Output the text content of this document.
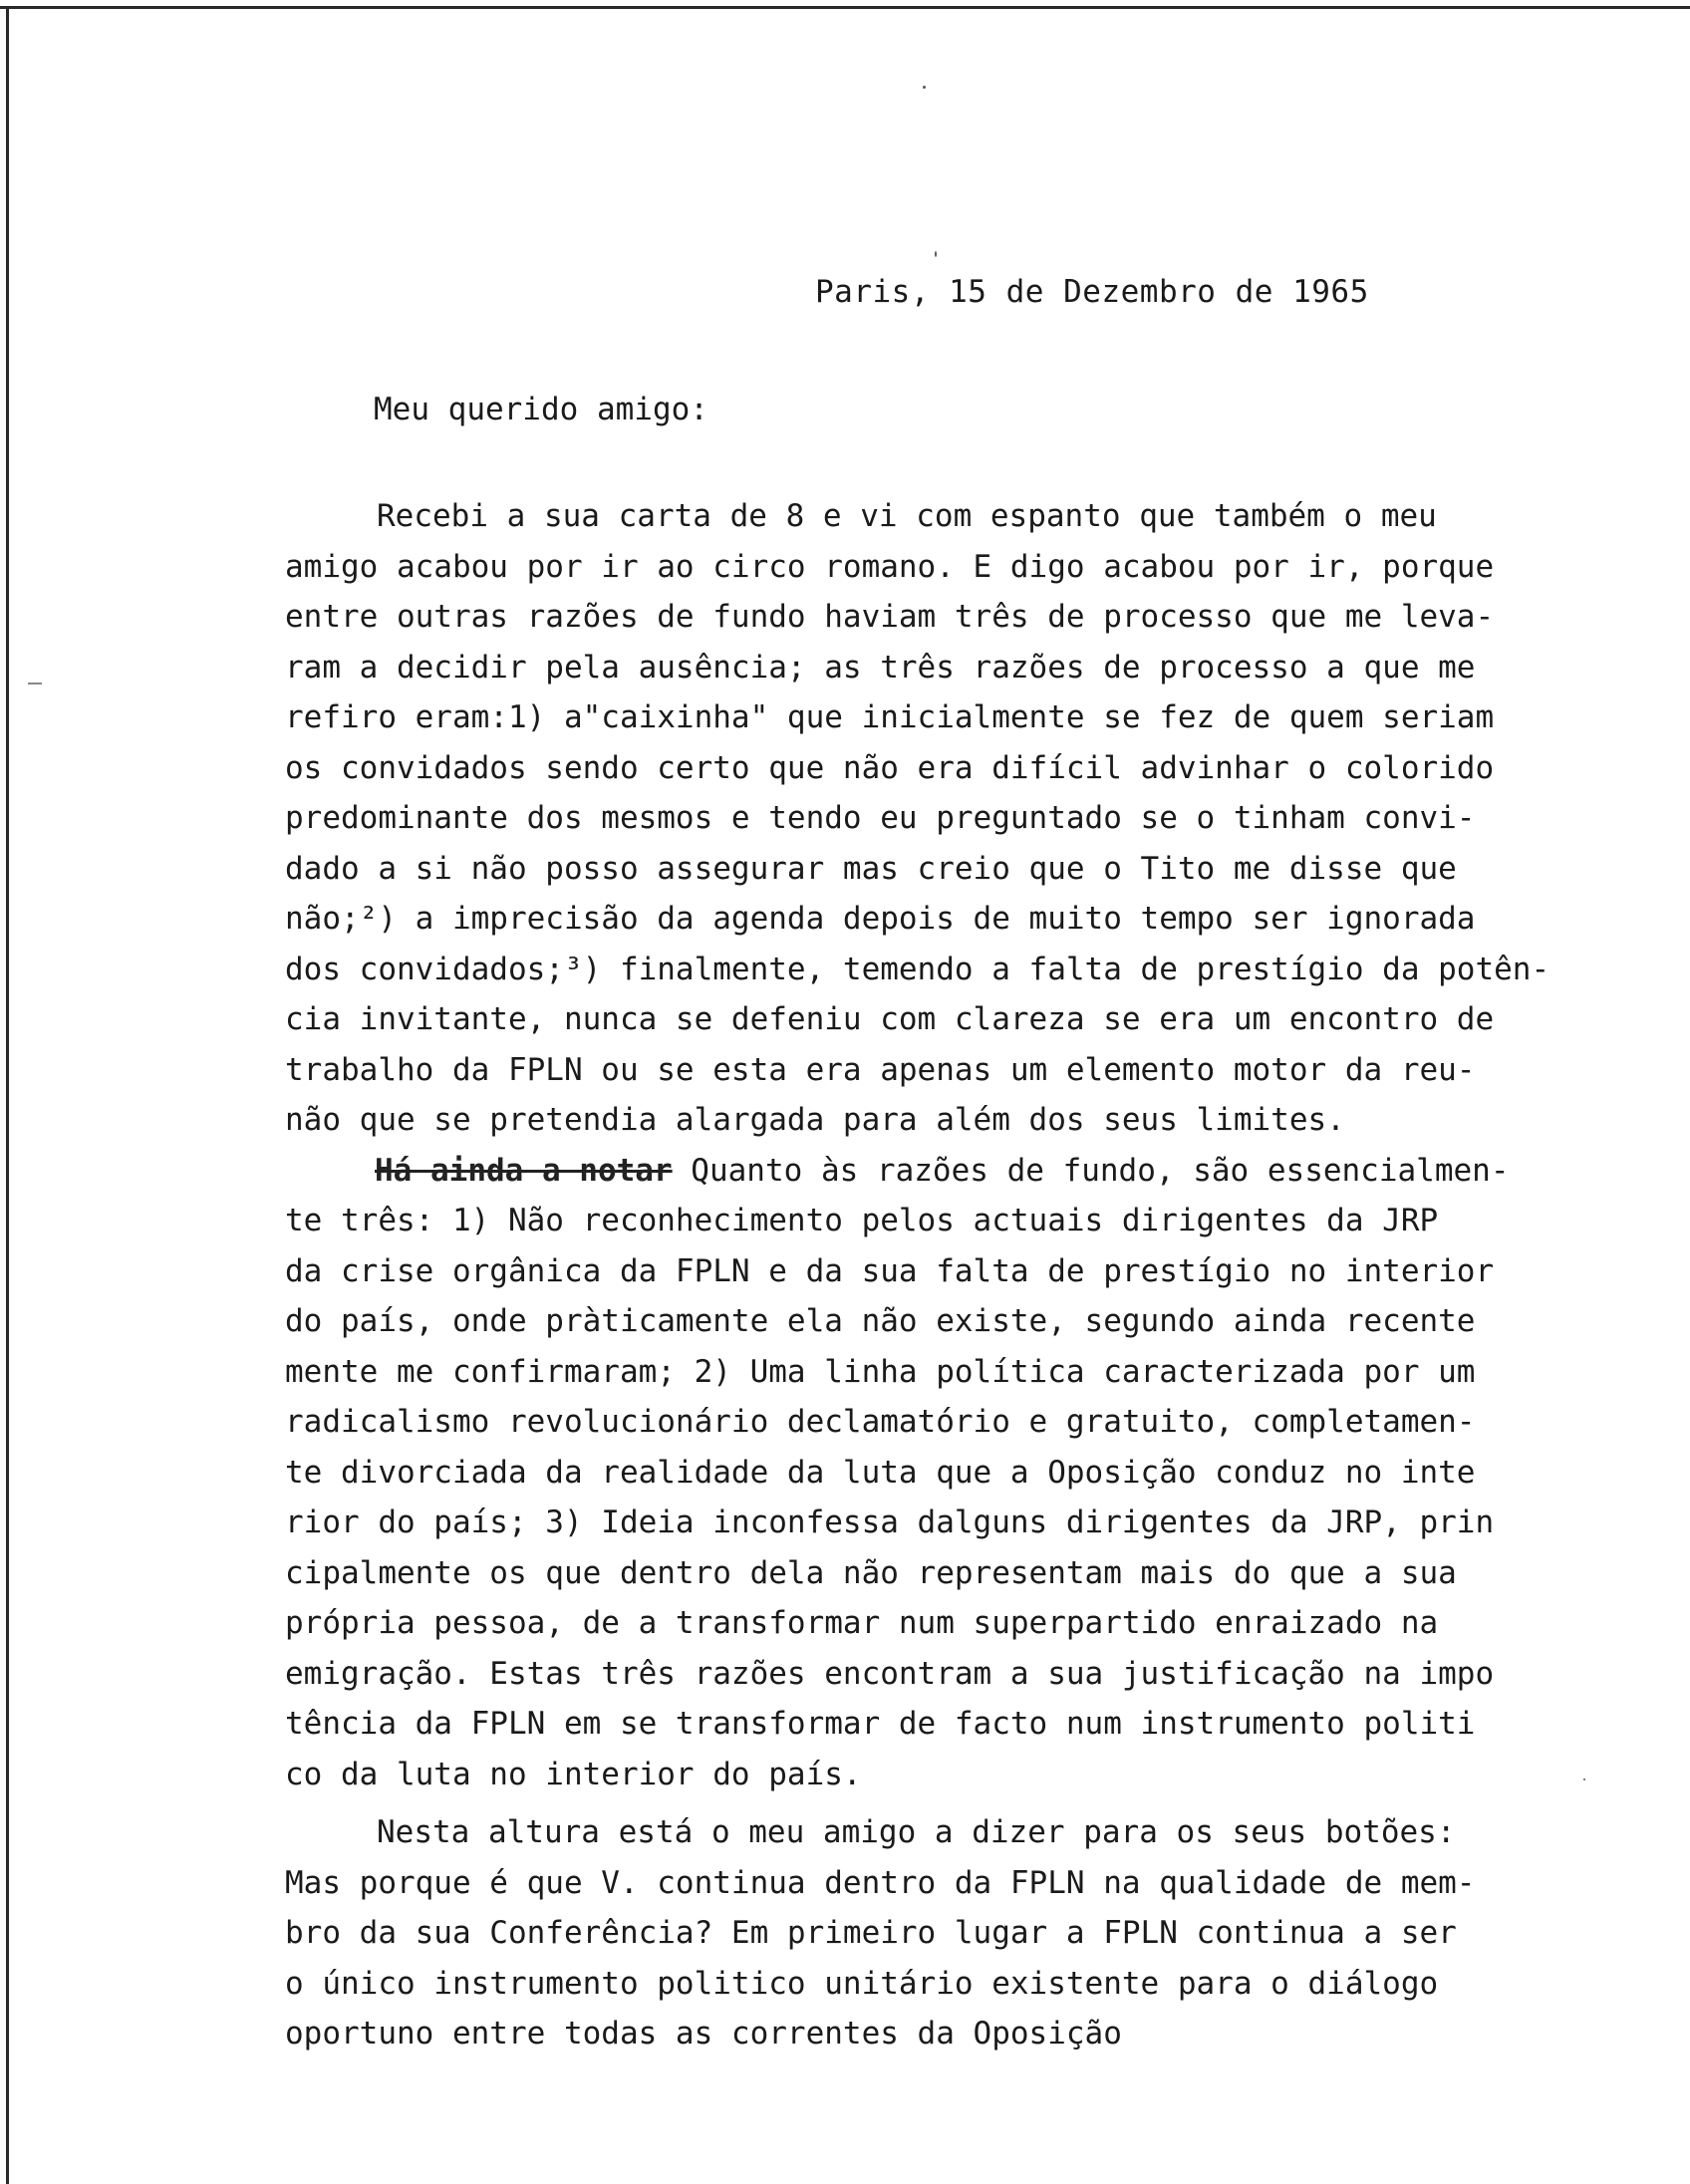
Paris, 15 de Dezembro de 1965
Meu querido amigo:
Recebi a sua carta de 8 e vi com espanto que também o meu
amigo acabou por ir ao circo romano. E digo acabou por ir, porque
entre outras razões de fundo haviam três de processo que me leva-
ram a decidir pela ausência; as três razões de processo a que me
refiro eram:1) a"caixinha" que inicialmente se fez de quem seriam
os convidados sendo certo que não era difícil advinhar o colorido
predominante dos mesmos e tendo eu preguntado se o tinham convi-
dado a si não posso assegurar mas creio que o Tito me disse que
não;²) a imprecisão da agenda depois de muito tempo ser ignorada
dos convidados;³) finalmente, temendo a falta de prestígio da potên-
cia invitante, nunca se defeniu com clareza se era um encontro de
trabalho da FPLN ou se esta era apenas um elemento motor da reu-
não que se pretendia alargada para além dos seus limites.
Há ainda a notar Quanto às razões de fundo, são essencialmen-
te três: 1) Não reconhecimento pelos actuais dirigentes da JRP
da crise orgânica da FPLN e da sua falta de prestígio no interior
do país, onde pràticamente ela não existe, segundo ainda recente
mente me confirmaram; 2) Uma linha política caracterizada por um
radicalismo revolucionário declamatório e gratuito, completamen-
te divorciada da realidade da luta que a Oposição conduz no inte
rior do país; 3) Ideia inconfessa dalguns dirigentes da JRP, prin
cipalmente os que dentro dela não representam mais do que a sua
própria pessoa, de a transformar num superpartido enraizado na
emigração. Estas três razões encontram a sua justificação na impo
tência da FPLN em se transformar de facto num instrumento politi
co da luta no interior do país.
Nesta altura está o meu amigo a dizer para os seus botões:
Mas porque é que V. continua dentro da FPLN na qualidade de mem-
bro da sua Conferência? Em primeiro lugar a FPLN continua a ser
o único instrumento politico unitário existente para o diálogo
oportuno entre todas as correntes da Oposição
